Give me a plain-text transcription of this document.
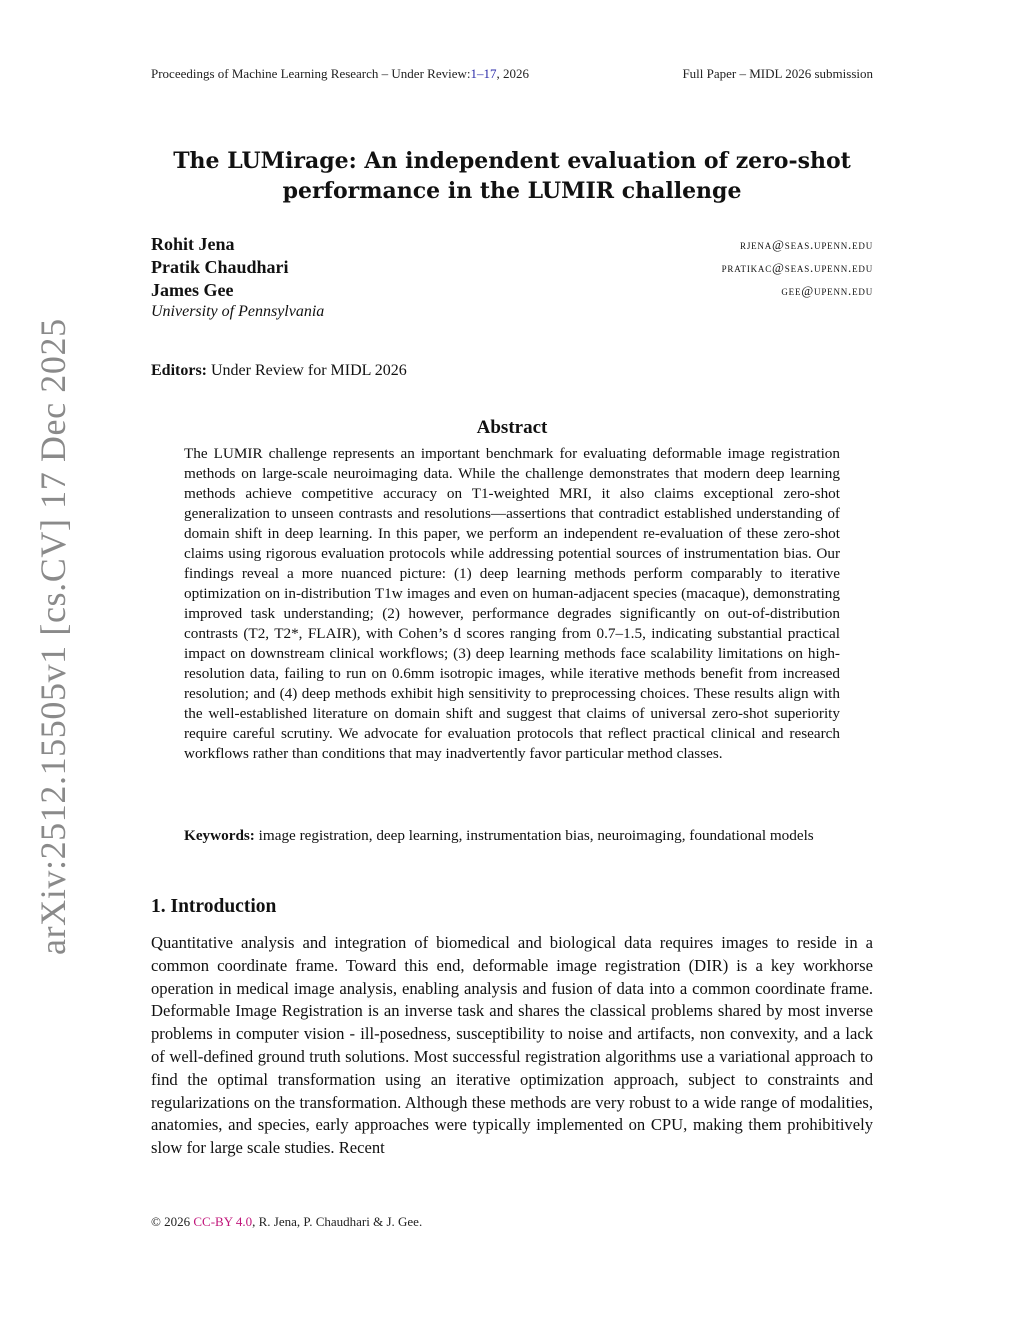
arXiv:2512.15505v1 [cs.CV] 17 Dec 2025
Proceedings of Machine Learning Research – Under Review:1–17, 2026	Full Paper – MIDL 2026 submission
The LUMirage: An independent evaluation of zero-shot performance in the LUMIR challenge
Rohit Jena	rjena@seas.upenn.edu
Pratik Chaudhari	pratikac@seas.upenn.edu
James Gee	gee@upenn.edu
University of Pennsylvania
Editors: Under Review for MIDL 2026
Abstract
The LUMIR challenge represents an important benchmark for evaluating deformable image registration methods on large-scale neuroimaging data. While the challenge demonstrates that modern deep learning methods achieve competitive accuracy on T1-weighted MRI, it also claims exceptional zero-shot generalization to unseen contrasts and resolutions—assertions that contradict established understanding of domain shift in deep learning. In this paper, we perform an independent re-evaluation of these zero-shot claims using rigorous evaluation protocols while addressing potential sources of instrumentation bias. Our findings reveal a more nuanced picture: (1) deep learning methods perform comparably to iterative optimization on in-distribution T1w images and even on human-adjacent species (macaque), demonstrating improved task understanding; (2) however, performance degrades significantly on out-of-distribution contrasts (T2, T2*, FLAIR), with Cohen’s d scores ranging from 0.7–1.5, indicating substantial practical impact on downstream clinical workflows; (3) deep learning methods face scalability limitations on high-resolution data, failing to run on 0.6mm isotropic images, while iterative methods benefit from increased resolution; and (4) deep methods exhibit high sensitivity to preprocessing choices. These results align with the well-established literature on domain shift and suggest that claims of universal zero-shot superiority require careful scrutiny. We advocate for evaluation protocols that reflect practical clinical and research workflows rather than conditions that may inadvertently favor particular method classes.
Keywords: image registration, deep learning, instrumentation bias, neuroimaging, foundational models
1. Introduction
Quantitative analysis and integration of biomedical and biological data requires images to reside in a common coordinate frame. Toward this end, deformable image registration (DIR) is a key workhorse operation in medical image analysis, enabling analysis and fusion of data into a common coordinate frame. Deformable Image Registration is an inverse task and shares the classical problems shared by most inverse problems in computer vision - ill-posedness, susceptibility to noise and artifacts, non convexity, and a lack of well-defined ground truth solutions. Most successful registration algorithms use a variational approach to find the optimal transformation using an iterative optimization approach, subject to constraints and regularizations on the transformation. Although these methods are very robust to a wide range of modalities, anatomies, and species, early approaches were typically implemented on CPU, making them prohibitively slow for large scale studies. Recent
© 2026 CC-BY 4.0, R. Jena, P. Chaudhari & J. Gee.
